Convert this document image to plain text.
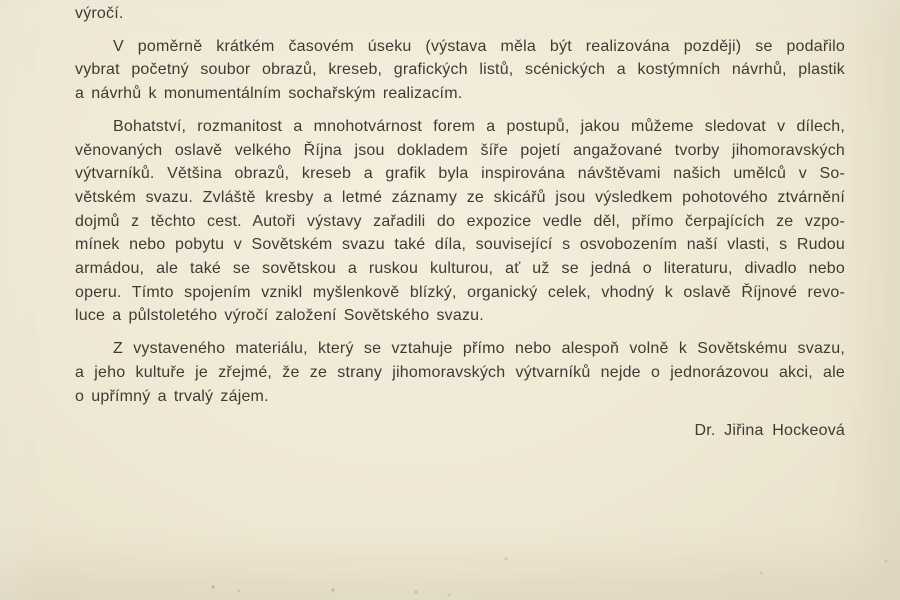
výročí.
V poměrně krátkém časovém úseku (výstava měla být realizována později) se podařilo
vybrat početný soubor obrazů, kreseb, grafických listů, scénických a kostýmních návrhů, plastik
a návrhů k monumentálním sochařským realizacím.
Bohatství, rozmanitost a mnohotvárnost forem a postupů, jakou můžeme sledovat v dílech,
věnovaných oslavě velkého Října jsou dokladem šíře pojetí angažované tvorby jihomoravských
výtvarníků. Většina obrazů, kreseb a grafik byla inspirována návštěvami našich umělců v So-
větském svazu. Zvláště kresby a letmé záznamy ze skicářů jsou výsledkem pohotového ztvárnění
dojmů z těchto cest. Autoři výstavy zařadili do expozice vedle děl, přímo čerpajících ze vzpo-
mínek nebo pobytu v Sovětském svazu také díla, související s osvobozením naší vlasti, s Rudou
armádou, ale také se sovětskou a ruskou kulturou, ať už se jedná o literaturu, divadlo nebo
operu. Tímto spojením vznikl myšlenkově blízký, organický celek, vhodný k oslavě Říjnové revo-
luce a půlstoletého výročí založení Sovětského svazu.
Z vystaveného materiálu, který se vztahuje přímo nebo alespoň volně k Sovětskému svazu,
a jeho kultuře je zřejmé, že ze strany jihomoravských výtvarníků nejde o jednorázovou akci, ale
o upřímný a trvalý zájem.
Dr. Jiřina Hockeová
